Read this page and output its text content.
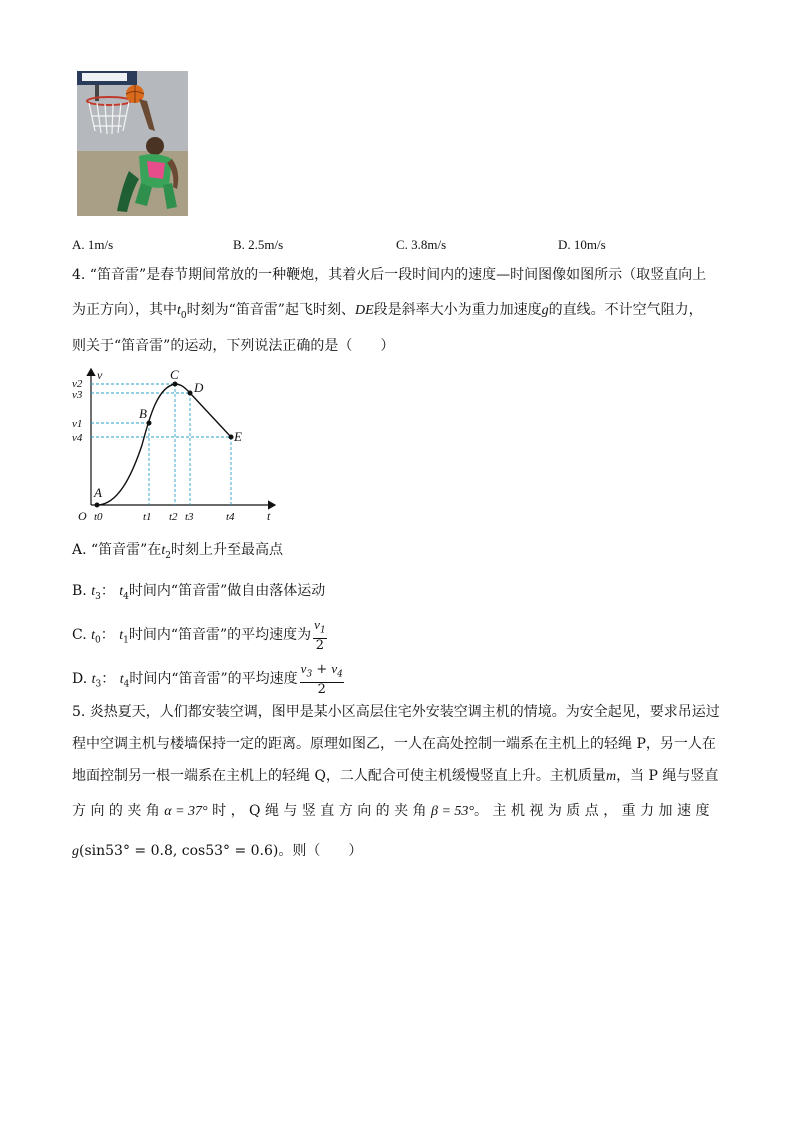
A. 1m/s	B. 2.5m/s	C. 3.8m/s	D. 10m/s
4. “笛音雷”是春节期间常放的一种鞭炮，其着火后一段时间内的速度—时间图像如图所示（取竖直向上
为正方向），其中$t_0$时刻为“笛音雷”起飞时刻、DE段是斜率大小为重力加速度g的直线。不计空气阻力，
则关于“笛音雷”的运动，下列说法正确的是（　　）
v
t
O
A
B
C
D
E
v2
v3
v1
v4
t0	t1 t2 t3	t4
A. “笛音雷”在$t_2$时刻上升至最高点
B. $t_3$： $t_4$时间内“笛音雷”做自由落体运动
C. $t_0$： $t_1$时间内“笛音雷”的平均速度为 $\frac{v_1}{2}$
D. $t_3$： $t_4$时间内“笛音雷”的平均速度 $\frac{v_3 + v_4}{2}$
5. 炎热夏天，人们都安装空调，图甲是某小区高层住宅外安装空调主机的情境。为安全起见，要求吊运过
程中空调主机与楼墙保持一定的距离。原理如图乙，一人在高处控制一端系在主机上的轻绳 P，另一人在
地面控制另一根一端系在主机上的轻绳 Q，二人配合可使主机缓慢竖直上升。主机质量m，当 P 绳与竖直
方 向 的 夹 角 α = 37° 时 ， Q 绳 与 竖 直 方 向 的 夹 角 β = 53°。 主 机 视 为 质 点 ， 重 力 加 速 度
g(sin53° = 0.8, cos53° = 0.6)。则（　　）
